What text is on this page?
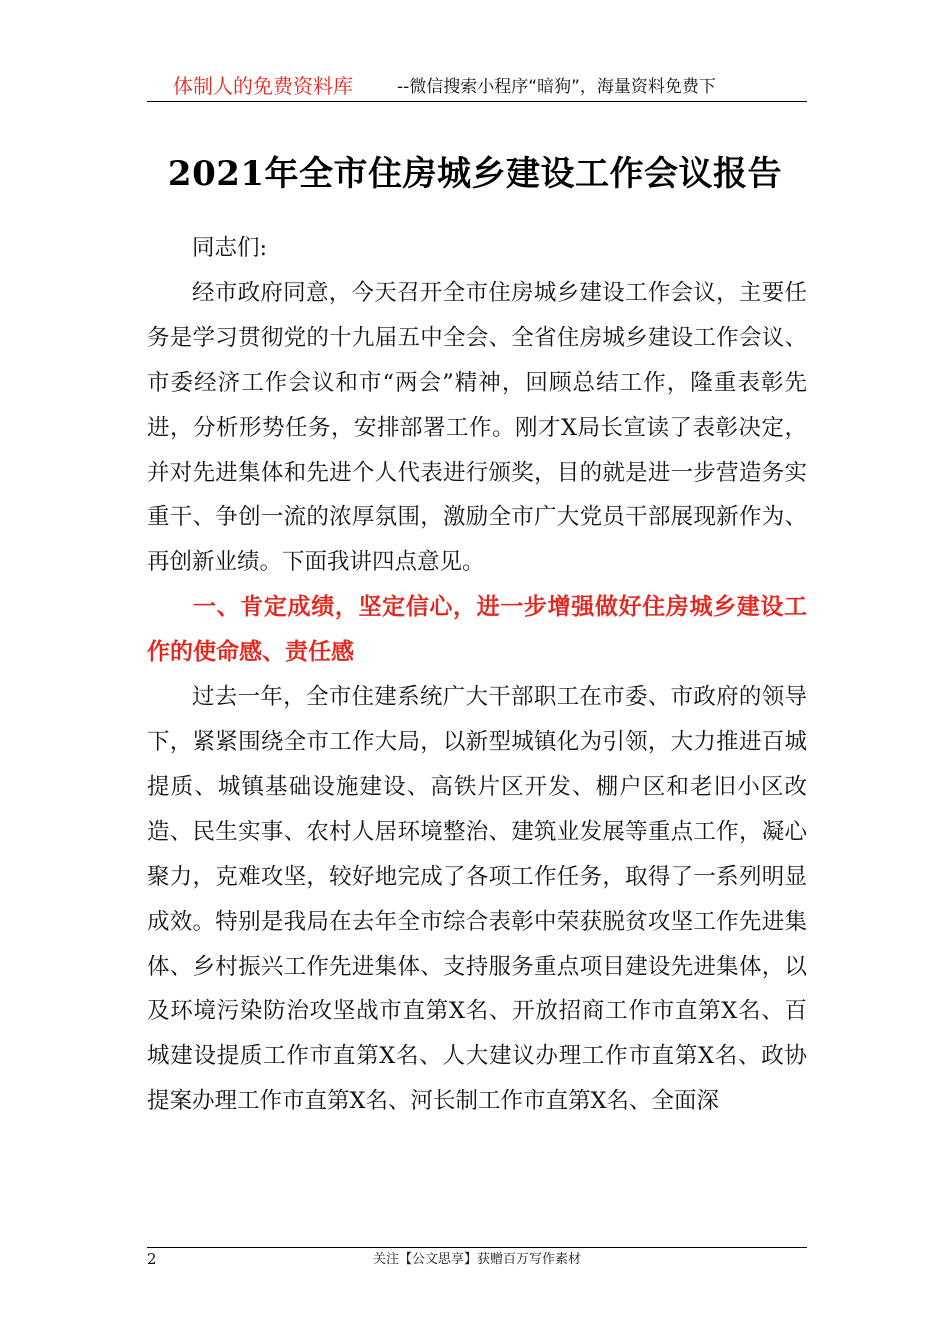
体制人的免费资料库	--微信搜索小程序“暗狗”，海量资料免费下
2021年全市住房城乡建设工作会议报告

同志们:

经市政府同意，今天召开全市住房城乡建设工作会议，主要任务是学习贯彻党的十九届五中全会、全省住房城乡建设工作会议、市委经济工作会议和市“两会”精神，回顾总结工作，隆重表彰先进，分析形势任务，安排部署工作。刚才X局长宣读了表彰决定，并对先进集体和先进个人代表进行颁奖，目的就是进一步营造务实重干、争创一流的浓厚氛围，激励全市广大党员干部展现新作为、再创新业绩。下面我讲四点意见。

一、肯定成绩，坚定信心，进一步增强做好住房城乡建设工作的使命感、责任感

过去一年，全市住建系统广大干部职工在市委、市政府的领导下，紧紧围绕全市工作大局，以新型城镇化为引领，大力推进百城提质、城镇基础设施建设、高铁片区开发、棚户区和老旧小区改造、民生实事、农村人居环境整治、建筑业发展等重点工作，凝心聚力，克难攻坚，较好地完成了各项工作任务，取得了一系列明显成效。特别是我局在去年全市综合表彰中荣获脱贫攻坚工作先进集体、乡村振兴工作先进集体、支持服务重点项目建设先进集体，以及环境污染防治攻坚战市直第X名、开放招商工作市直第X名、百城建设提质工作市直第X名、人大建议办理工作市直第X名、政协提案办理工作市直第X名、河长制工作市直第X名、全面深

2	关注【公文思享】获赠百万写作素材
